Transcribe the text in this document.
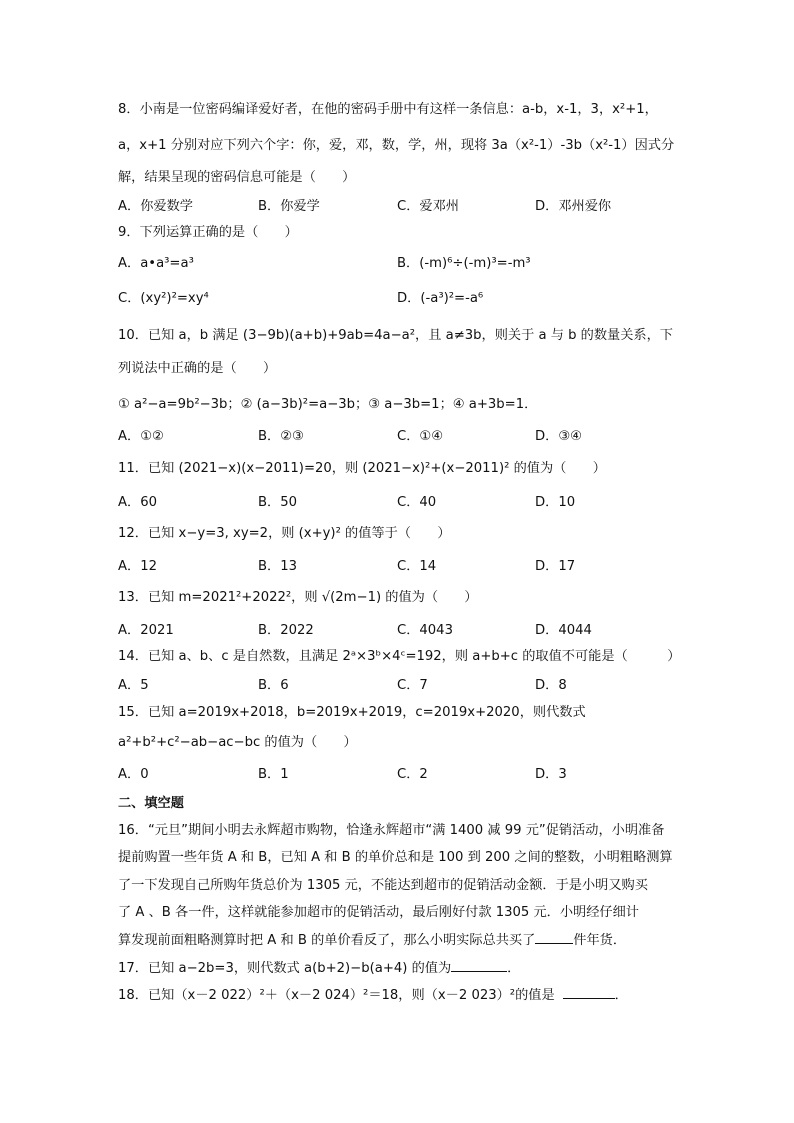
8．小南是一位密码编译爱好者，在他的密码手册中有这样一条信息：a-b，x-1，3，x²+1，
a，x+1 分别对应下列六个字：你，爱，邓，数，学，州，现将 3a（x²-1）-3b（x²-1）因式分
解，结果呈现的密码信息可能是（　　）
A．你爱数学	B．你爱学	C．爱邓州	D．邓州爱你
9．下列运算正确的是（　　）
A．a•a³=a³	B．(-m)⁶÷(-m)³=-m³
C．(xy²)²=xy⁴	D．(-a³)²=-a⁶
10．已知 a，b 满足 (3−9b)(a+b)+9ab=4a−a²，且 a≠3b，则关于 a 与 b 的数量关系，下
列说法中正确的是（　　）
① a²−a=9b²−3b；② (a−3b)²=a−3b；③ a−3b=1；④ a+3b=1．
A．①②	B．②③	C．①④	D．③④
11．已知 (2021−x)(x−2011)=20，则 (2021−x)²+(x−2011)² 的值为（　　）
A．60	B．50	C．40	D．10
12．已知 x−y=3, xy=2，则 (x+y)² 的值等于（　　）
A．12	B．13	C．14	D．17
13．已知 m=2021²+2022²，则 √(2m−1) 的值为（　　）
A．2021	B．2022	C．4043	D．4044
14．已知 a、b、c 是自然数，且满足 2ᵃ×3ᵇ×4ᶜ=192，则 a+b+c 的取值不可能是（　　　）
A．5	B．6	C．7	D．8
15．已知 a=2019x+2018，b=2019x+2019，c=2019x+2020，则代数式
a²+b²+c²−ab−ac−bc 的值为（　　）
A．0	B．1	C．2	D．3
二、填空题
16．“元旦”期间小明去永辉超市购物，恰逢永辉超市“满 1400 减 99 元”促销活动，小明准备
提前购置一些年货 A 和 B，已知 A 和 B 的单价总和是 100 到 200 之间的整数，小明粗略测算
了一下发现自己所购年货总价为 1305 元，不能达到超市的促销活动金额．于是小明又购买
了 A 、B 各一件，这样就能参加超市的促销活动，最后刚好付款 1305 元．小明经仔细计
算发现前面粗略测算时把 A 和 B 的单价看反了，那么小明实际总共买了	件年货．
17．已知 a−2b=3，则代数式 a(b+2)−b(a+4) 的值为	．
18．已知（x－2 022）²＋（x－2 024）²＝18，则（x－2 023）²的值是	．
